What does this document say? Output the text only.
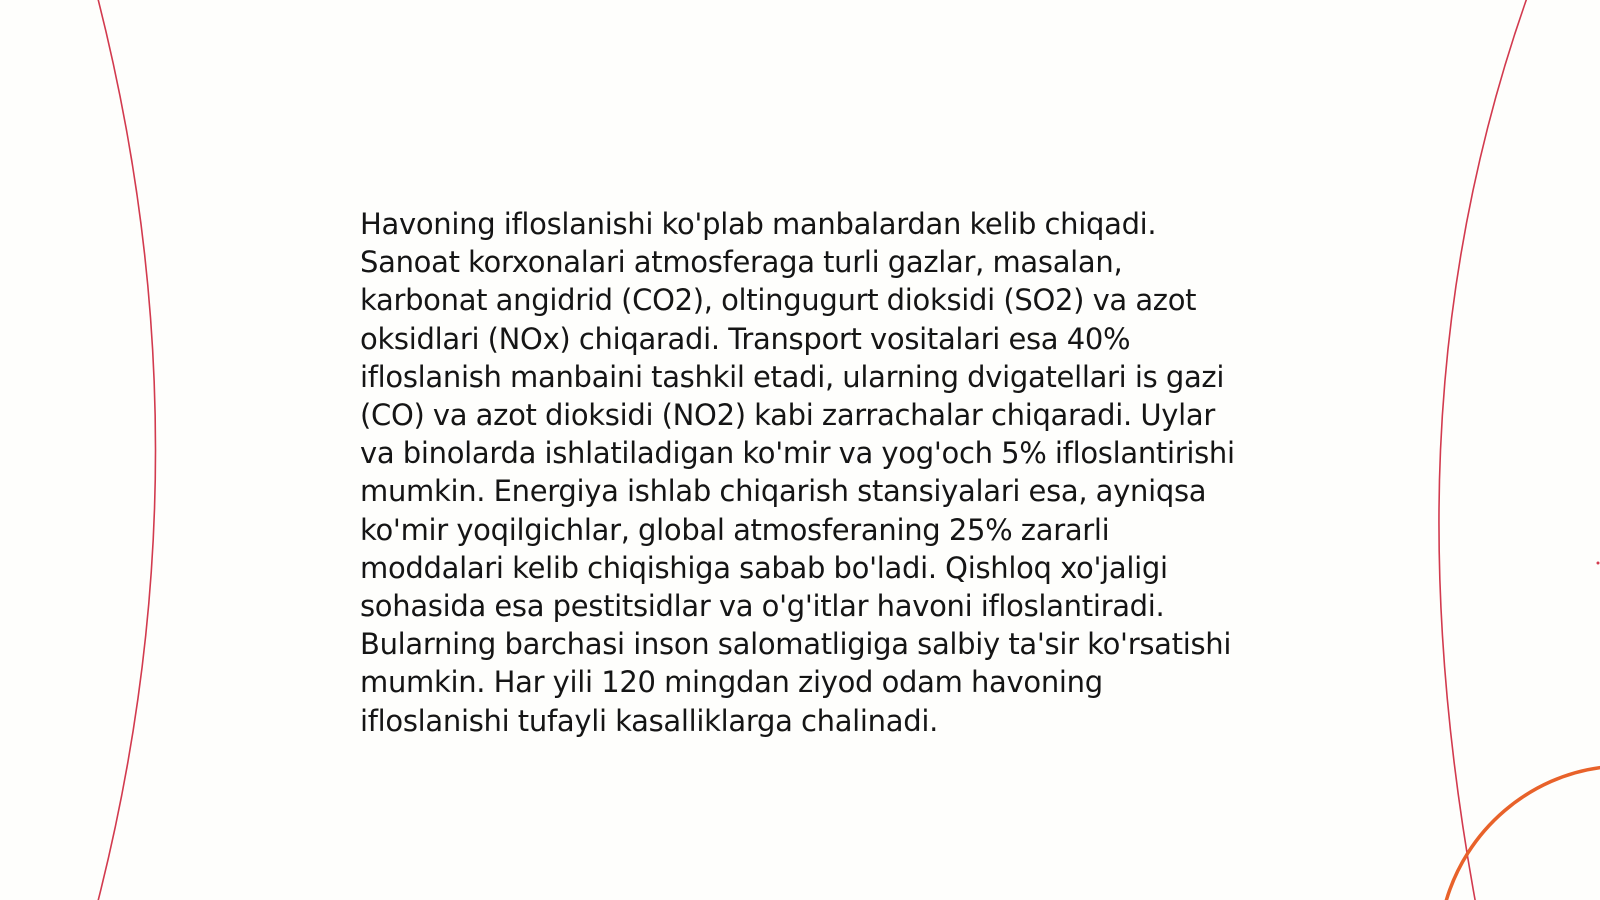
Havoning ifloslanishi ko'plab manbalardan kelib chiqadi. Sanoat korxonalari atmosferaga turli gazlar, masalan, karbonat angidrid (CO2), oltingugurt dioksidi (SO2) va azot oksidlari (NOx) chiqaradi. Transport vositalari esa 40% ifloslanish manbaini tashkil etadi, ularning dvigatellari is gazi (CO) va azot dioksidi (NO2) kabi zarrachalar chiqaradi. Uylar va binolarda ishlatiladigan ko'mir va yog'och 5% ifloslantirishi mumkin. Energiya ishlab chiqarish stansiyalari esa, ayniqsa ko'mir yoqilgichlar, global atmosferaning 25% zararli moddalari kelib chiqishiga sabab bo'ladi. Qishloq xo'jaligi sohasida esa pestitsidlar va o'g'itlar havoni ifloslantiradi. Bularning barchasi inson salomatligiga salbiy ta'sir ko'rsatishi mumkin. Har yili 120 mingdan ziyod odam havoning ifloslanishi tufayli kasalliklarga chalinadi.
